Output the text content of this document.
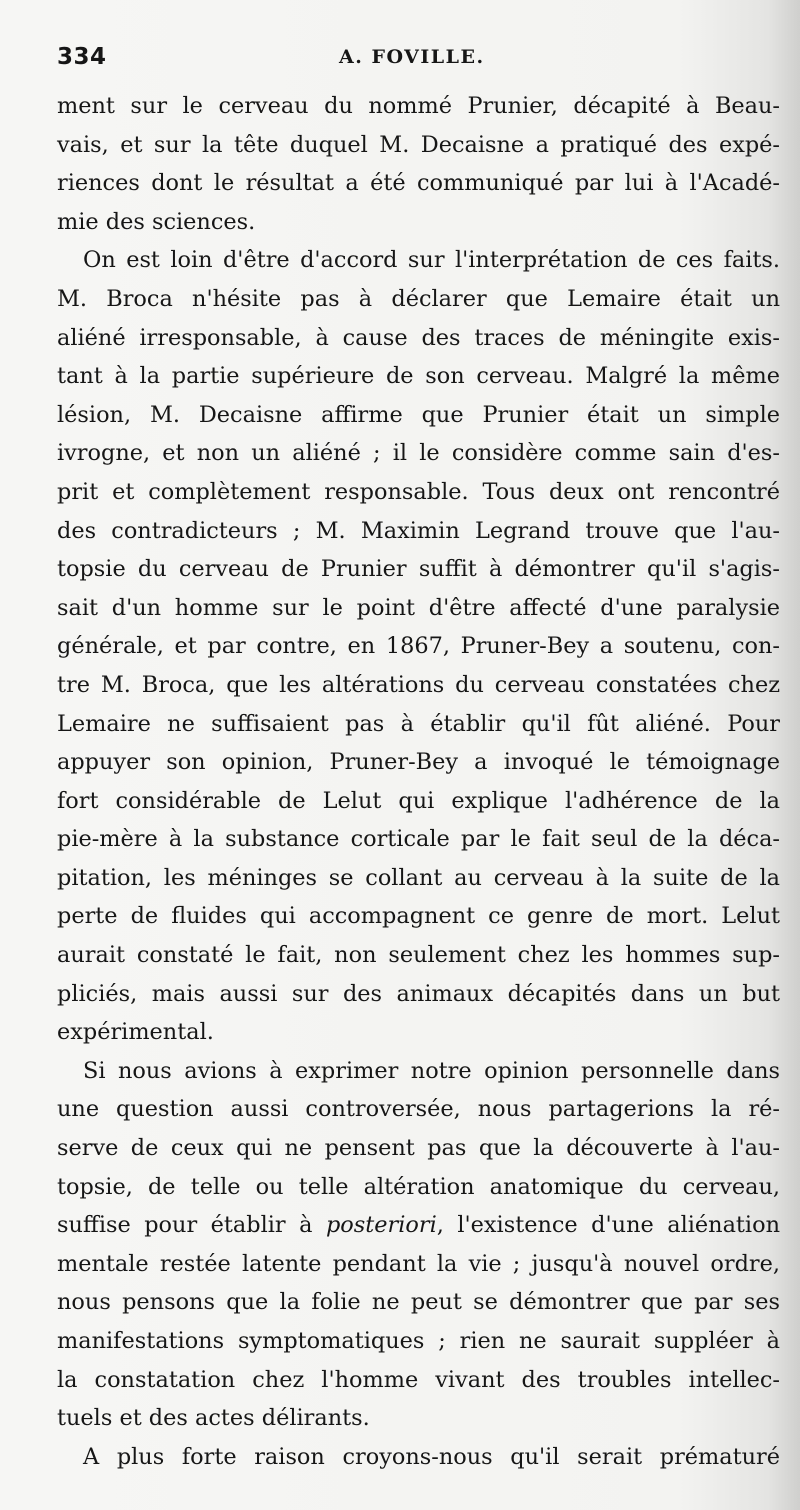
334	A. FOVILLE.
ment sur le cerveau du nommé Prunier, décapité à Beau-
vais, et sur la tête duquel M. Decaisne a pratiqué des expé-
riences dont le résultat a été communiqué par lui à l'Acadé-
mie des sciences.
On est loin d'être d'accord sur l'interprétation de ces faits.
M. Broca n'hésite pas à déclarer que Lemaire était un
aliéné irresponsable, à cause des traces de méningite exis-
tant à la partie supérieure de son cerveau. Malgré la même
lésion, M. Decaisne affirme que Prunier était un simple
ivrogne, et non un aliéné ; il le considère comme sain d'es-
prit et complètement responsable. Tous deux ont rencontré
des contradicteurs ; M. Maximin Legrand trouve que l'au-
topsie du cerveau de Prunier suffit à démontrer qu'il s'agis-
sait d'un homme sur le point d'être affecté d'une paralysie
générale, et par contre, en 1867, Pruner-Bey a soutenu, con-
tre M. Broca, que les altérations du cerveau constatées chez
Lemaire ne suffisaient pas à établir qu'il fût aliéné. Pour
appuyer son opinion, Pruner-Bey a invoqué le témoignage
fort considérable de Lelut qui explique l'adhérence de la
pie-mère à la substance corticale par le fait seul de la déca-
pitation, les méninges se collant au cerveau à la suite de la
perte de fluides qui accompagnent ce genre de mort. Lelut
aurait constaté le fait, non seulement chez les hommes sup-
pliciés, mais aussi sur des animaux décapités dans un but
expérimental.
Si nous avions à exprimer notre opinion personnelle dans
une question aussi controversée, nous partagerions la ré-
serve de ceux qui ne pensent pas que la découverte à l'au-
topsie, de telle ou telle altération anatomique du cerveau,
suffise pour établir à posteriori, l'existence d'une aliénation
mentale restée latente pendant la vie ; jusqu'à nouvel ordre,
nous pensons que la folie ne peut se démontrer que par ses
manifestations symptomatiques ; rien ne saurait suppléer à
la constatation chez l'homme vivant des troubles intellec-
tuels et des actes délirants.
A plus forte raison croyons-nous qu'il serait prématuré
